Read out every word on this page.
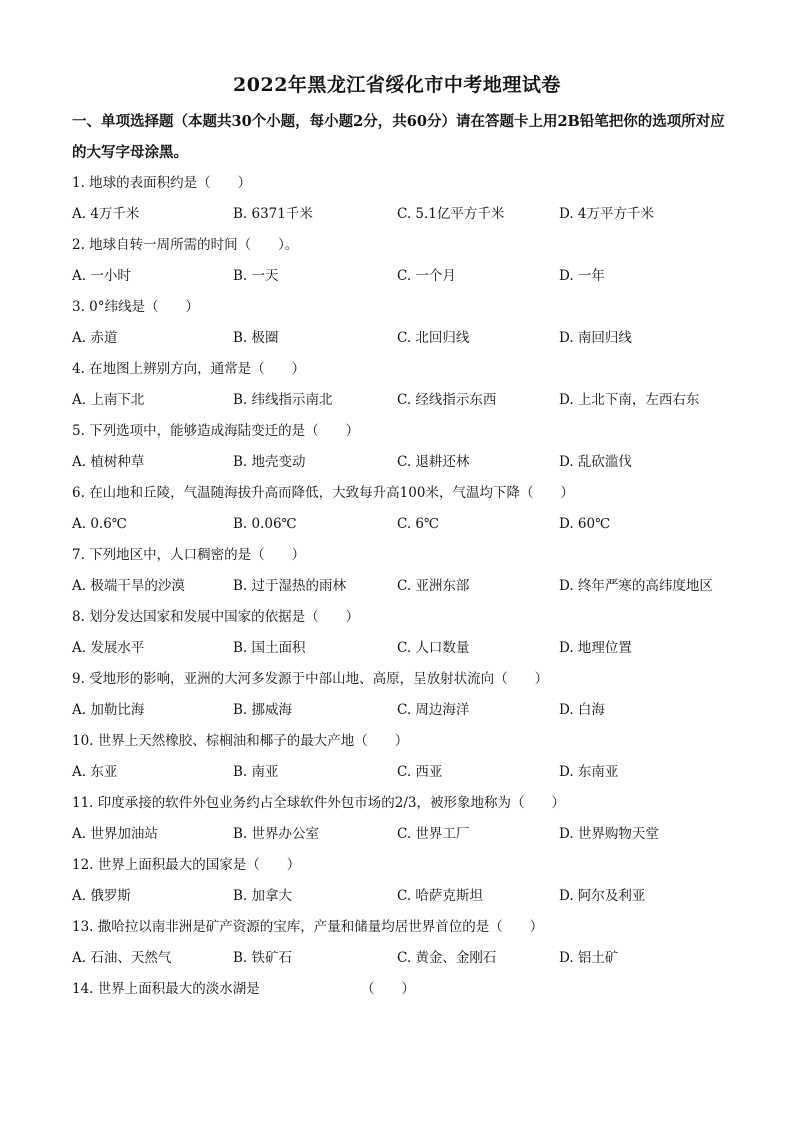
2022年黑龙江省绥化市中考地理试卷
一、单项选择题（本题共30个小题，每小题2分，共60分）请在答题卡上用2B铅笔把你的选项所对应的大写字母涂黑。
1. 地球的表面积约是（　　）
A. 4万千米	B. 6371千米	C. 5.1亿平方千米	D. 4万平方千米
2. 地球自转一周所需的时间（　　）。
A. 一小时	B. 一天	C. 一个月	D. 一年
3. 0°纬线是（　　）
A. 赤道	B. 极圈	C. 北回归线	D. 南回归线
4. 在地图上辨别方向，通常是（　　）
A. 上南下北	B. 纬线指示南北	C. 经线指示东西	D. 上北下南，左西右东
5. 下列选项中，能够造成海陆变迁的是（　　）
A. 植树种草	B. 地壳变动	C. 退耕还林	D. 乱砍滥伐
6. 在山地和丘陵，气温随海拔升高而降低，大致每升高100米，气温均下降（　　）
A. 0.6℃	B. 0.06℃	C. 6℃	D. 60℃
7. 下列地区中，人口稠密的是（　　）
A. 极端干旱的沙漠	B. 过于湿热的雨林	C. 亚洲东部	D. 终年严寒的高纬度地区
8. 划分发达国家和发展中国家的依据是（　　）
A. 发展水平	B. 国土面积	C. 人口数量	D. 地理位置
9. 受地形的影响，亚洲的大河多发源于中部山地、高原，呈放射状流向（　　）
A. 加勒比海	B. 挪威海	C. 周边海洋	D. 白海
10. 世界上天然橡胶、棕榈油和椰子的最大产地（　　）
A. 东亚	B. 南亚	C. 西亚	D. 东南亚
11. 印度承接的软件外包业务约占全球软件外包市场的2/3，被形象地称为（　　）
A. 世界加油站	B. 世界办公室	C. 世界工厂	D. 世界购物天堂
12. 世界上面积最大的国家是（　　）
A. 俄罗斯	B. 加拿大	C. 哈萨克斯坦	D. 阿尔及利亚
13. 撒哈拉以南非洲是矿产资源的宝库，产量和储量均居世界首位的是（　　）
A. 石油、天然气	B. 铁矿石	C. 黄金、金刚石	D. 铝土矿
14. 世界上面积最大的淡水湖是　　　　　　　　（　　）
